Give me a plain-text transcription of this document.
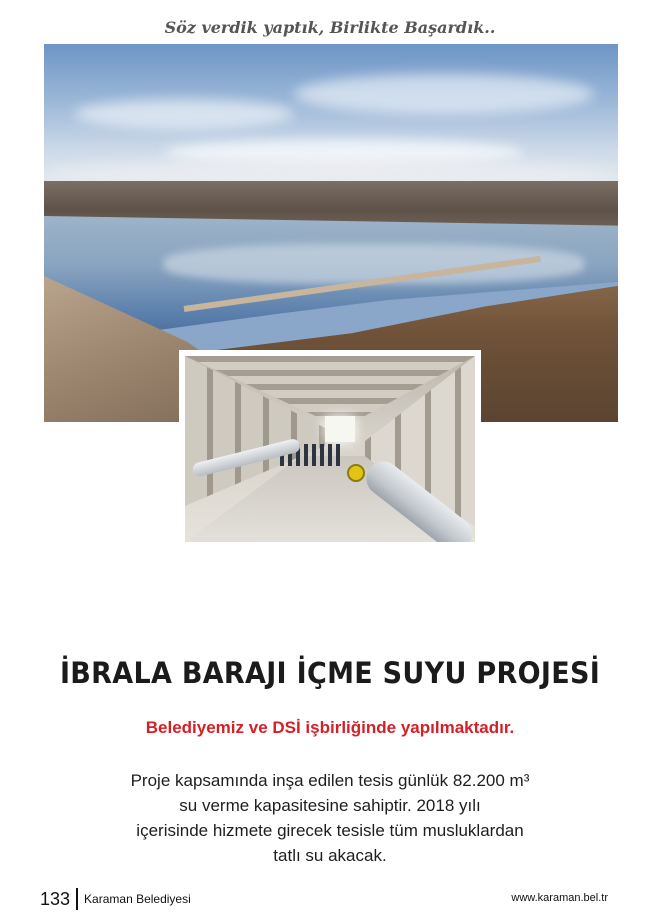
Söz verdik yaptık, Birlikte Başardık..
İBRALA BARAJI İÇME SUYU PROJESİ
Belediyemiz ve DSİ işbirliğinde yapılmaktadır.

Proje kapsamında inşa edilen tesis günlük 82.200 m³
su verme kapasitesine sahiptir. 2018 yılı
içerisinde hizmete girecek tesisle tüm musluklardan
tatlı su akacak.

133 Karaman Belediyesi	www.karaman.bel.tr
